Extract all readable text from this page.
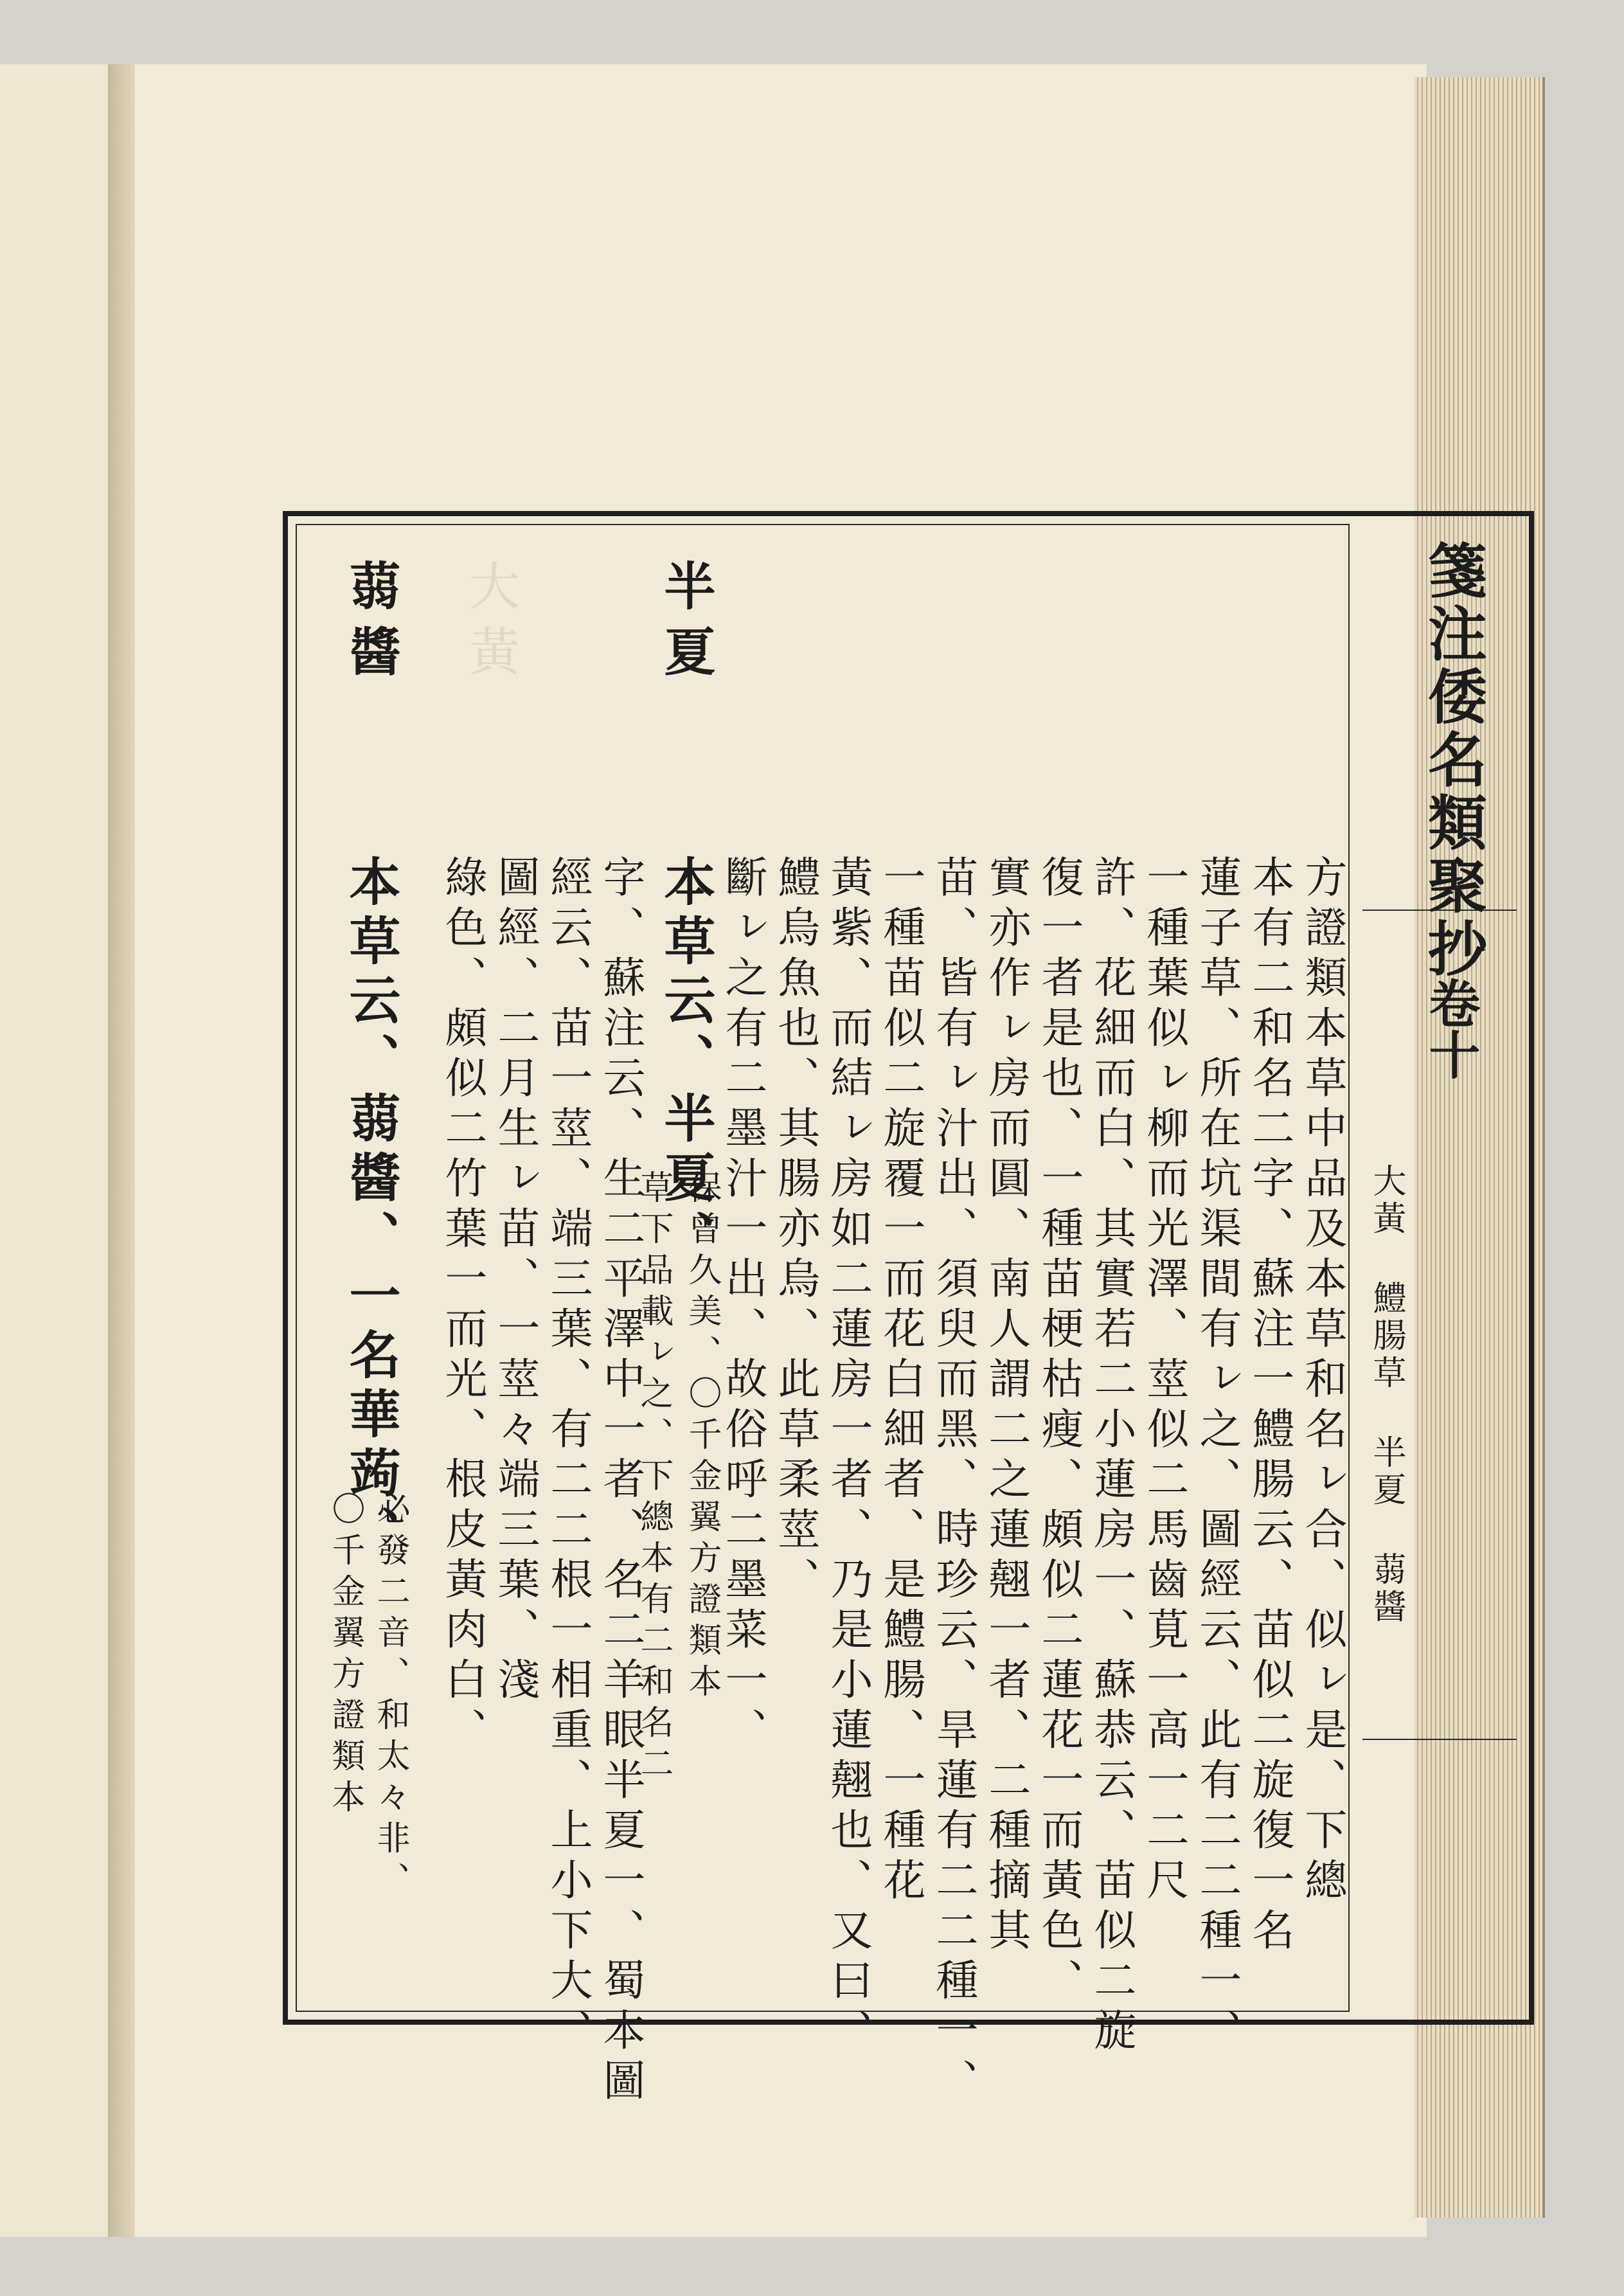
箋注倭名類聚抄
卷十
大黃 鱧腸草 半夏 蒻醬
方證類本草中品及本草和名ㇾ合、似ㇾ是、下總
本有二和名二字、蘇注一鱧腸云、苗似二旋復一名
蓮子草、所在坑渠間有ㇾ之、圖經云、此有二二種一、
一種葉似ㇾ柳而光澤、莖似二馬齒莧一高一二尺
許、花細而白、其實若二小蓮房一、蘇恭云、苗似二旋
復一者是也、一種苗梗枯瘦、頗似二蓮花一而黃色、
實亦作ㇾ房而圓、南人謂二之蓮翹一者、二種摘其
苗、皆有ㇾ汁出、須臾而黑、時珍云、旱蓮有二二種一、
一種苗似二旋覆一而花白細者、是鱧腸、一種花
黃紫、而結ㇾ房如二蓮房一者、乃是小蓮翹也、又曰、
鱧烏魚也、其腸亦烏、此草柔莖、
斷ㇾ之有二墨汁一出、故俗呼二墨菜一、
半夏
本草云、半夏、
保曾久美、〇千金翼方證類本
草下品載ㇾ之、下總本有二和名二
字、蘇注云、生二平澤中一者、名二羊眼半夏一、蜀本圖
經云、苗一莖、端三葉、有二二根一相重、上小下大、
圖經、二月生ㇾ苗、一莖々端三葉、淺
綠色、頗似二竹葉一而光、根皮黃肉白、
大黃
蒻醬
本草云、蒻醬、一名華蒟、
必發二音、和太々非、
〇千金翼方證類本
